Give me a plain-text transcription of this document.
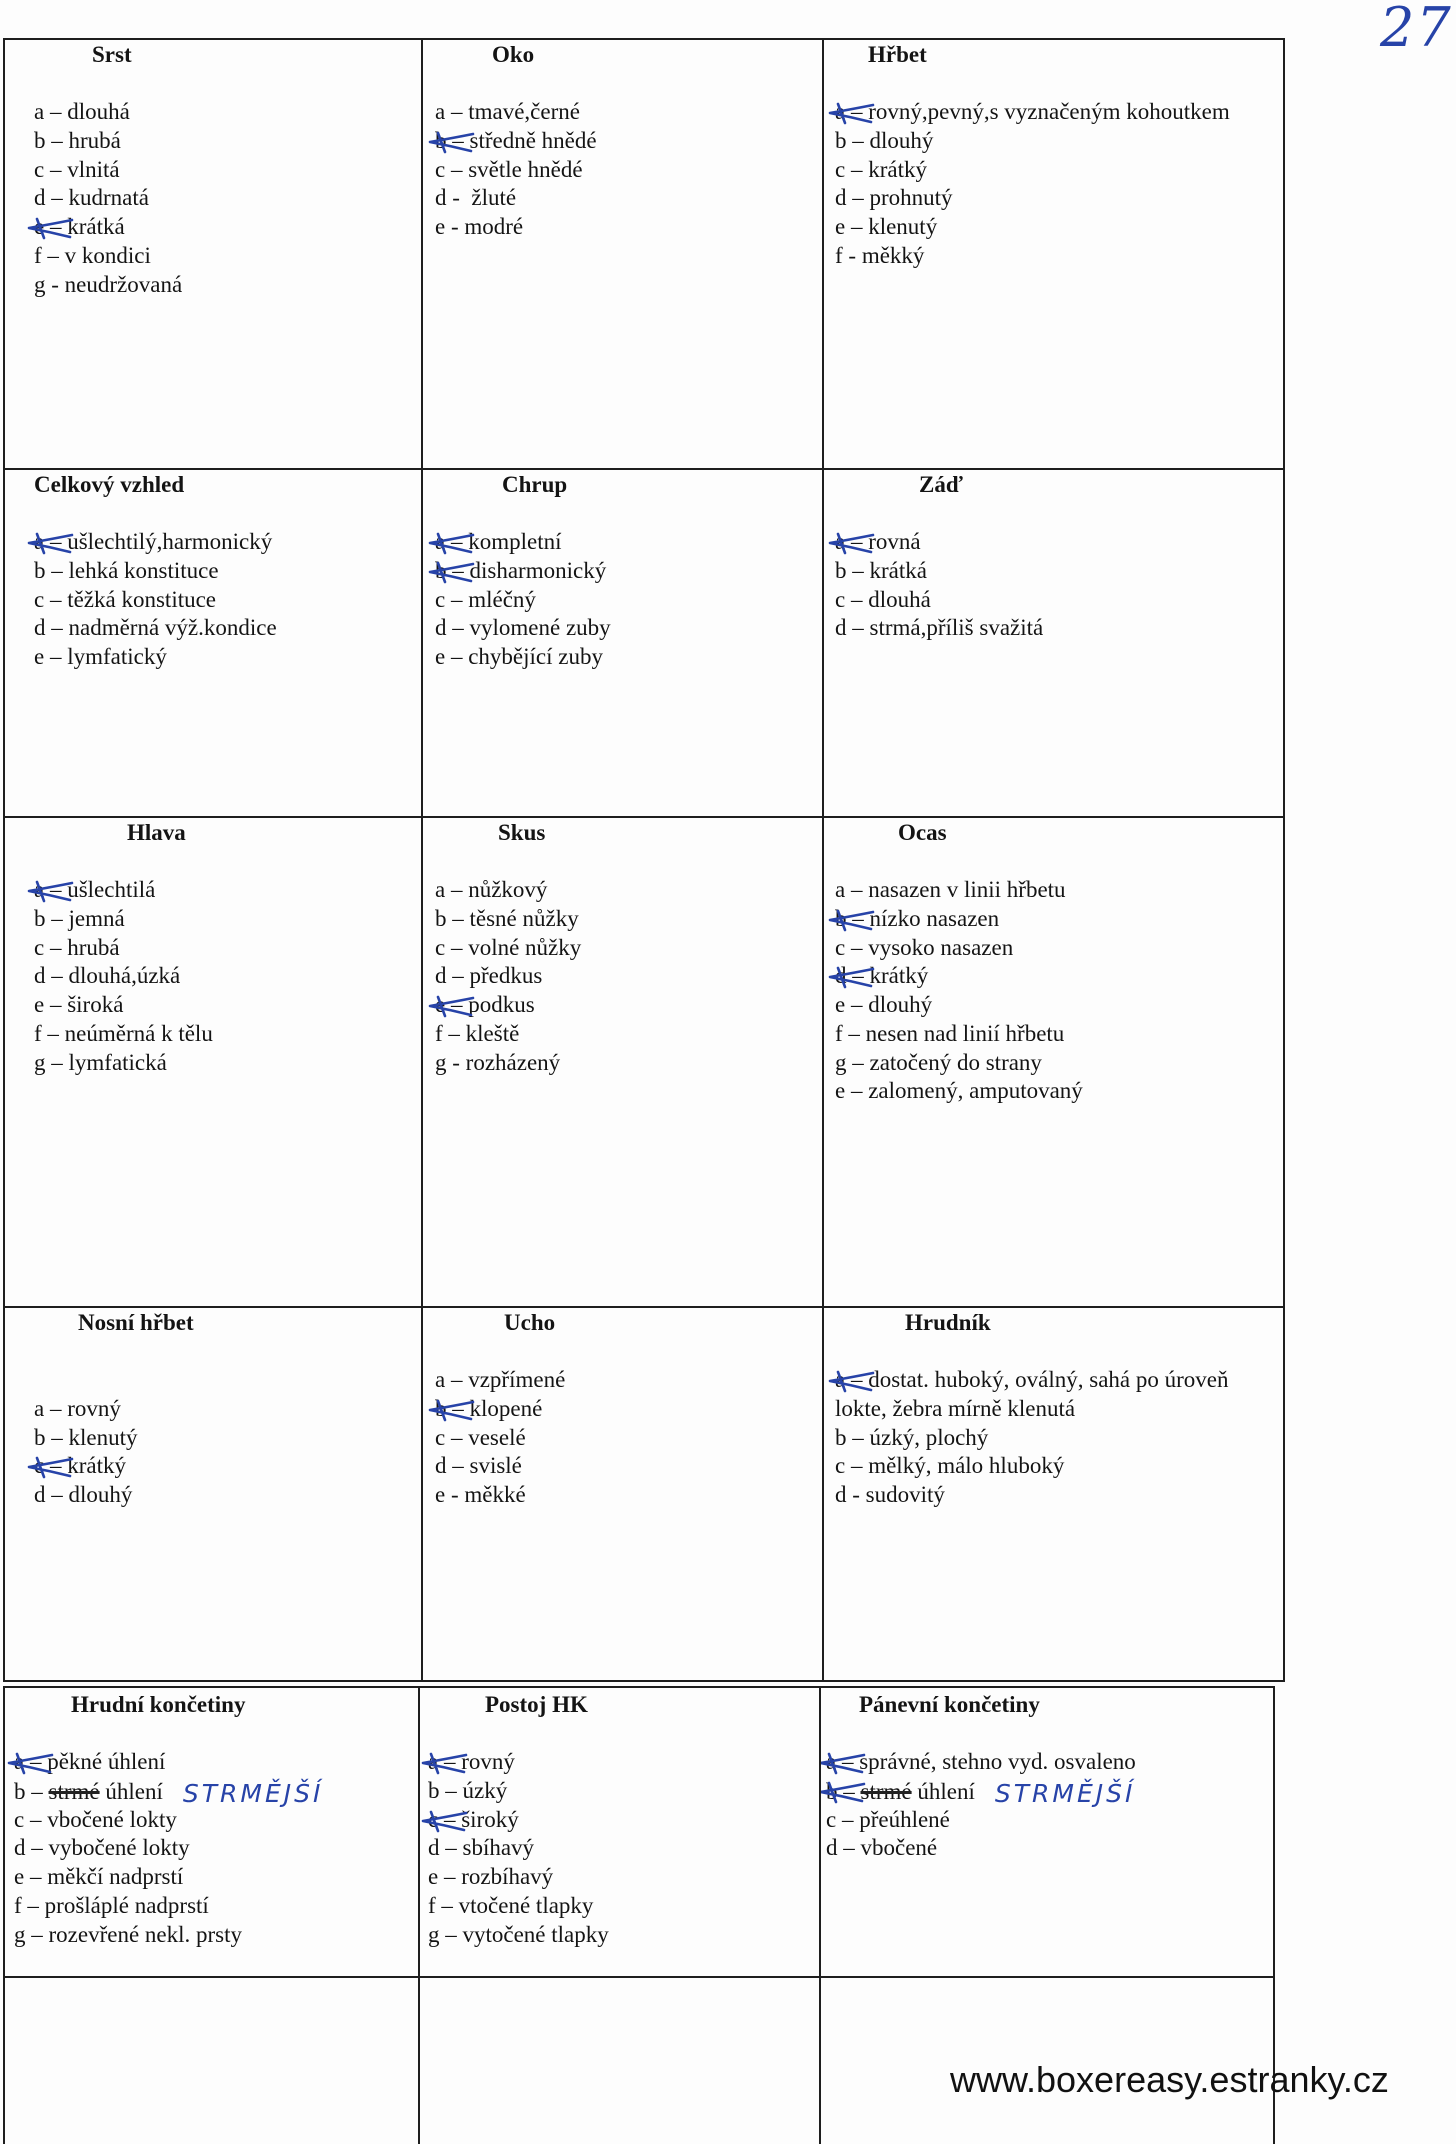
27
Srst
a – dlouhá
b – hrubá
c – vlnitá
d – kudrnatá
e – krátká
f – v kondici
g - neudržovaná
Oko
a – tmavé,černé
b – středně hnědé
c – světle hnědé
d -  žluté
e - modré
Hřbet
a – rovný,pevný,s vyznačeným kohoutkem
b – dlouhý
c – krátký
d – prohnutý
e – klenutý
f - měkký
Celkový vzhled
a – ušlechtilý,harmonický
b – lehká konstituce
c – těžká konstituce
d – nadměrná výž.kondice
e – lymfatický
Chrup
a – kompletní
b – disharmonický
c – mléčný
d – vylomené zuby
e – chybějící zuby
Záď
a – rovná
b – krátká
c – dlouhá
d – strmá,příliš svažitá
Hlava
a – ušlechtilá
b – jemná
c – hrubá
d – dlouhá,úzká
e – široká
f – neúměrná k tělu
g – lymfatická
Skus
a – nůžkový
b – těsné nůžky
c – volné nůžky
d – předkus
e – podkus
f – kleště
g - rozházený
Ocas
a – nasazen v linii hřbetu
b – nízko nasazen
c – vysoko nasazen
d – krátký
e – dlouhý
f – nesen nad linií hřbetu
g – zatočený do strany
e – zalomený, amputovaný
Nosní hřbet
a – rovný
b – klenutý
c – krátký
d – dlouhý
Ucho
a – vzpřímené
b – klopené
c – veselé
d – svislé
e - měkké
Hrudník
a – dostat. huboký, oválný, sahá po úroveň
lokte, žebra mírně klenutá
b – úzký, plochý
c – mělký, málo hluboký
d - sudovitý
Hrudní končetiny
a – pěkné úhlení
b – strmé úhlení STRMĚJŠÍ
c – vbočené lokty
d – vybočené lokty
e – měkčí nadprstí
f – prošláplé nadprstí
g – rozevřené nekl. prsty
Postoj HK
a – rovný
b – úzký
c – široký
d – sbíhavý
e – rozbíhavý
f – vtočené tlapky
g – vytočené tlapky
Pánevní končetiny
a – správné, stehno vyd. osvaleno
b – strmé úhlení STRMĚJŠÍ
c – přeúhlené
d – vbočené
www.boxereasy.estranky.cz
